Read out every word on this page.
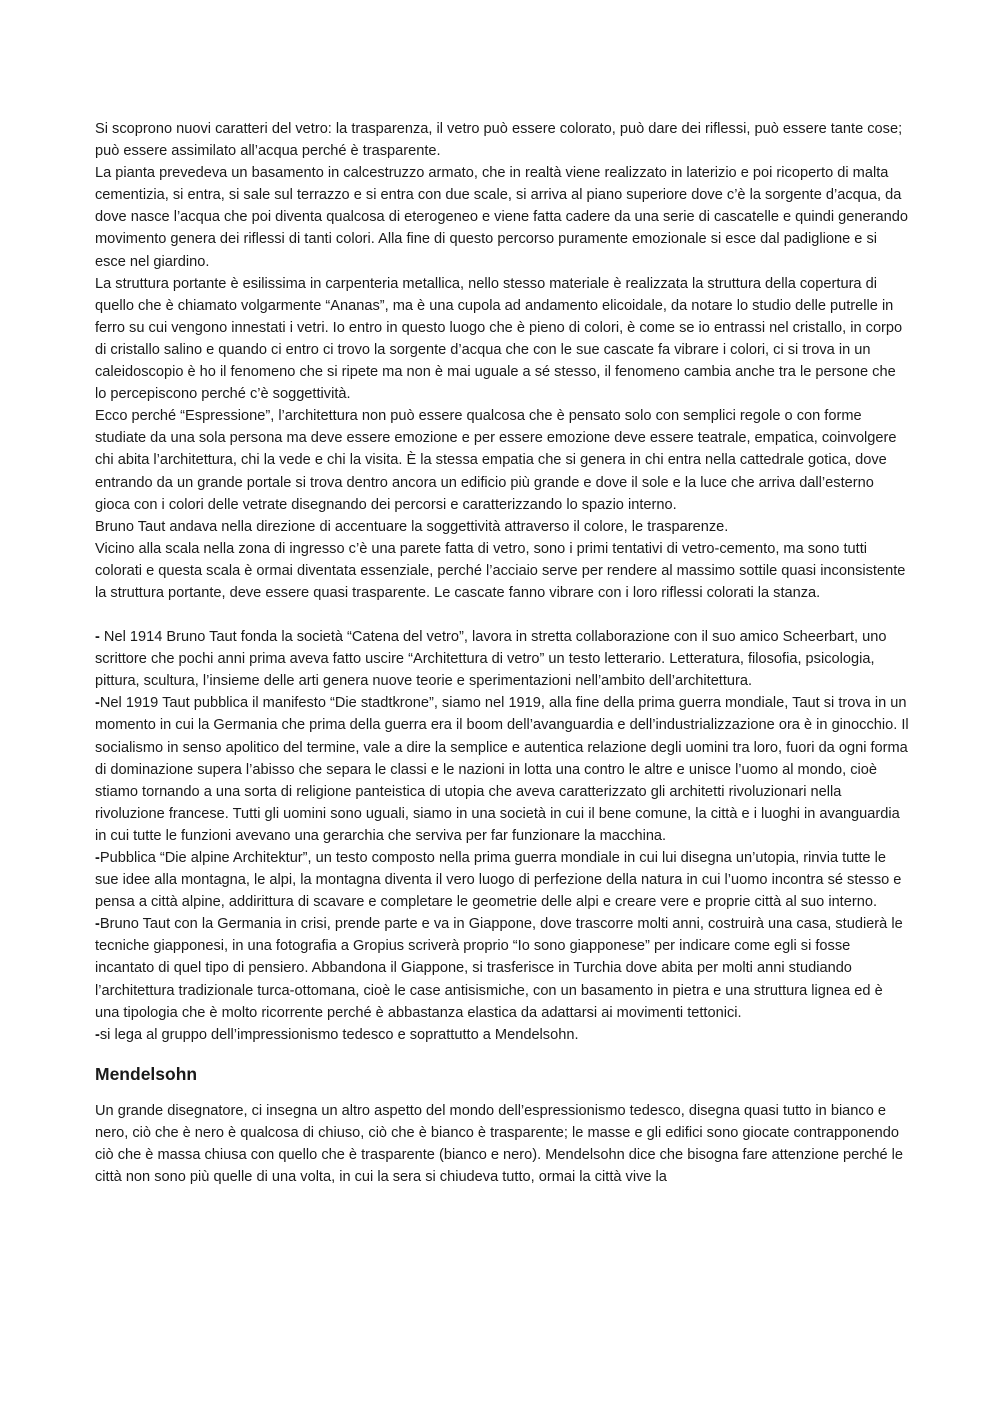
Si scoprono nuovi caratteri del vetro: la trasparenza, il vetro può essere colorato, può dare dei riflessi, può essere tante cose; può essere assimilato all’acqua perché è trasparente.

La pianta prevedeva un basamento in calcestruzzo armato, che in realtà viene realizzato in laterizio e poi ricoperto di malta cementizia, si entra, si sale sul terrazzo e si entra con due scale, si arriva al piano superiore dove c’è la sorgente d’acqua, da dove nasce l’acqua che poi diventa qualcosa di eterogeneo e viene fatta cadere da una serie di cascatelle e quindi generando movimento genera dei riflessi di tanti colori. Alla fine di questo percorso puramente emozionale si esce dal padiglione e si esce nel giardino.

La struttura portante è esilissima in carpenteria metallica, nello stesso materiale è realizzata la struttura della copertura di quello che è chiamato volgarmente “Ananas”, ma è una cupola ad andamento elicoidale, da notare lo studio delle putrelle in ferro su cui vengono innestati i vetri. Io entro in questo luogo che è pieno di colori, è come se io entrassi nel cristallo, in corpo di cristallo salino e quando ci entro ci trovo la sorgente d’acqua che con le sue cascate fa vibrare i colori, ci si trova in un caleidoscopio è ho il fenomeno che si ripete ma non è mai uguale a sé stesso, il fenomeno cambia anche tra le persone che lo percepiscono perché c’è soggettività.

Ecco perché “Espressione”, l’architettura non può essere qualcosa che è pensato solo con semplici regole o con forme studiate da una sola persona ma deve essere emozione e per essere emozione deve essere teatrale, empatica, coinvolgere chi abita l’architettura, chi la vede e chi la visita. È la stessa empatia che si genera in chi entra nella cattedrale gotica, dove entrando da un grande portale si trova dentro ancora un edificio più grande e dove il sole e la luce che arriva dall’esterno gioca con i colori delle vetrate disegnando dei percorsi e caratterizzando lo spazio interno.

Bruno Taut andava nella direzione di accentuare la soggettività attraverso il colore, le trasparenze.

Vicino alla scala nella zona di ingresso c’è una parete fatta di vetro, sono i primi tentativi di vetro-cemento, ma sono tutti colorati e questa scala è ormai diventata essenziale, perché l’acciaio serve per rendere al massimo sottile quasi inconsistente la struttura portante, deve essere quasi trasparente. Le cascate fanno vibrare con i loro riflessi colorati la stanza.

- Nel 1914 Bruno Taut fonda la società “Catena del vetro”, lavora in stretta collaborazione con il suo amico Scheerbart, uno scrittore che pochi anni prima aveva fatto uscire “Architettura di vetro” un testo letterario. Letteratura, filosofia, psicologia, pittura, scultura, l’insieme delle arti genera nuove teorie e sperimentazioni nell’ambito dell’architettura.

-Nel 1919 Taut pubblica il manifesto “Die stadtkrone”, siamo nel 1919, alla fine della prima guerra mondiale, Taut si trova in un momento in cui la Germania che prima della guerra era il boom dell’avanguardia e dell’industrializzazione ora è in ginocchio. Il socialismo in senso apolitico del termine, vale a dire la semplice e autentica relazione degli uomini tra loro, fuori da ogni forma di dominazione supera l’abisso che separa le classi e le nazioni in lotta una contro le altre e unisce l’uomo al mondo, cioè stiamo tornando a una sorta di religione panteistica di utopia che aveva caratterizzato gli architetti rivoluzionari nella rivoluzione francese. Tutti gli uomini sono uguali, siamo in una società in cui il bene comune, la città e i luoghi in avanguardia in cui tutte le funzioni avevano una gerarchia che serviva per far funzionare la macchina.

-Pubblica “Die alpine Architektur”, un testo composto nella prima guerra mondiale in cui lui disegna un’utopia, rinvia tutte le sue idee alla montagna, le alpi, la montagna diventa il vero luogo di perfezione della natura in cui l’uomo incontra sé stesso e pensa a città alpine, addirittura di scavare e completare le geometrie delle alpi e creare vere e proprie città al suo interno.

-Bruno Taut con la Germania in crisi, prende parte e va in Giappone, dove trascorre molti anni, costruirà una casa, studierà le tecniche giapponesi, in una fotografia a Gropius scriverà proprio “Io sono giapponese” per indicare come egli si fosse incantato di quel tipo di pensiero. Abbandona il Giappone, si trasferisce in Turchia dove abita per molti anni studiando l’architettura tradizionale turca-ottomana, cioè le case antisismiche, con un basamento in pietra e una struttura lignea ed è una tipologia che è molto ricorrente perché è abbastanza elastica da adattarsi ai movimenti tettonici.

-si lega al gruppo dell’impressionismo tedesco e soprattutto a Mendelsohn.

Mendelsohn

Un grande disegnatore, ci insegna un altro aspetto del mondo dell’espressionismo tedesco, disegna quasi tutto in bianco e nero, ciò che è nero è qualcosa di chiuso, ciò che è bianco è trasparente; le masse e gli edifici sono giocate contrapponendo ciò che è massa chiusa con quello che è trasparente (bianco e nero). Mendelsohn dice che bisogna fare attenzione perché le città non sono più quelle di una volta, in cui la sera si chiudeva tutto, ormai la città vive la
